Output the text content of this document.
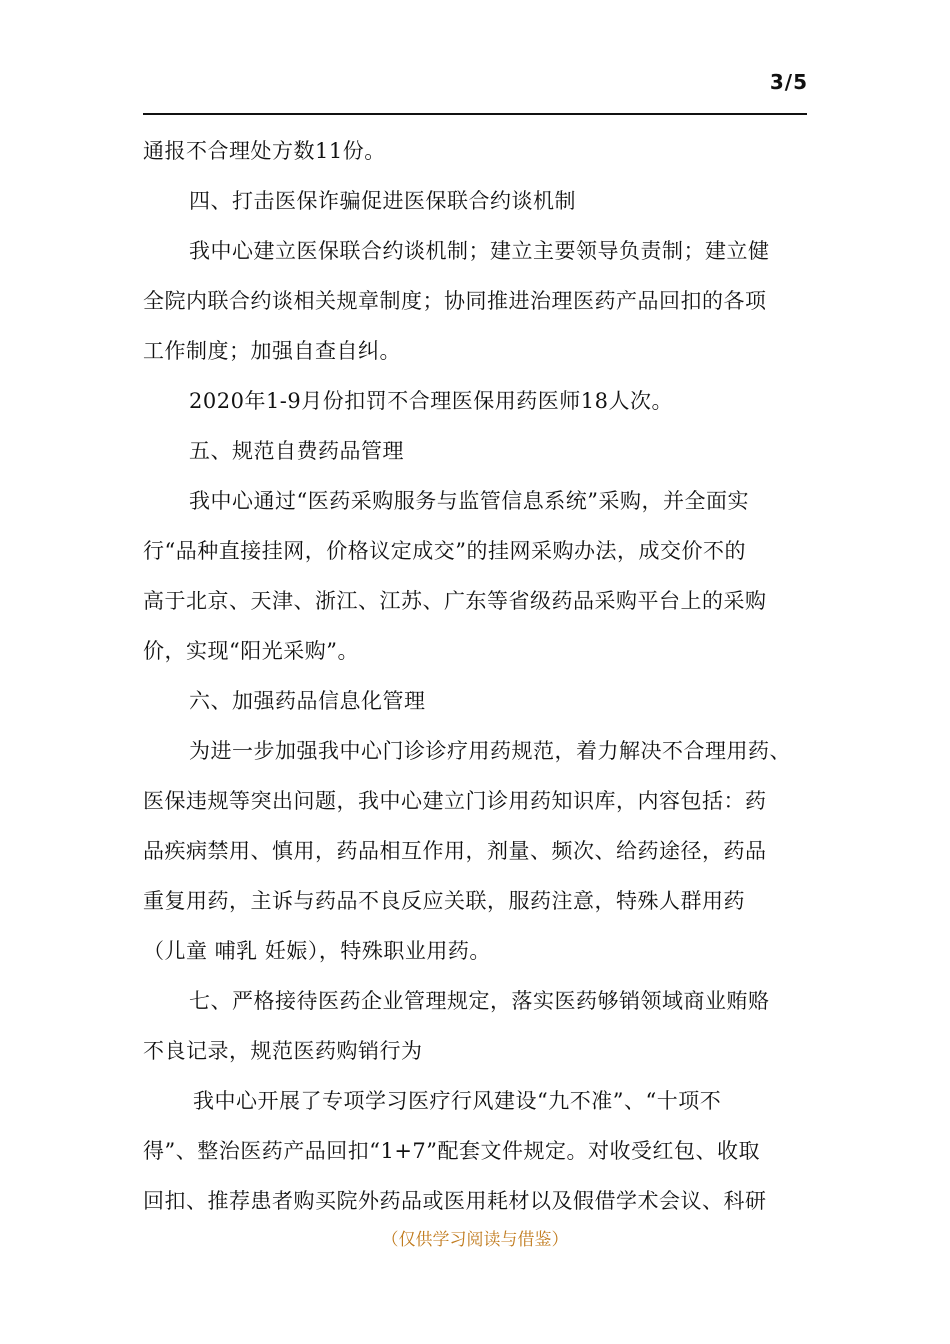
3/5
通报不合理处方数11份。
四、打击医保诈骗促进医保联合约谈机制
我中心建立医保联合约谈机制；建立主要领导负责制；建立健
全院内联合约谈相关规章制度；协同推进治理医药产品回扣的各项
工作制度；加强自查自纠。
2020年1-9月份扣罚不合理医保用药医师18人次。
五、规范自费药品管理
我中心通过“医药采购服务与监管信息系统”采购，并全面实
行“品种直接挂网，价格议定成交”的挂网采购办法，成交价不的
高于北京、天津、浙江、江苏、广东等省级药品采购平台上的采购
价，实现“阳光采购”。
六、加强药品信息化管理
为进一步加强我中心门诊诊疗用药规范，着力解决不合理用药、
医保违规等突出问题，我中心建立门诊用药知识库，内容包括：药
品疾病禁用、慎用，药品相互作用，剂量、频次、给药途径，药品
重复用药，主诉与药品不良反应关联，服药注意，特殊人群用药
（儿童 哺乳 妊娠），特殊职业用药。
七、严格接待医药企业管理规定，落实医药够销领域商业贿赂
不良记录，规范医药购销行为
我中心开展了专项学习医疗行风建设“九不准”、“十项不
得”、整治医药产品回扣“1+7”配套文件规定。对收受红包、收取
回扣、推荐患者购买院外药品或医用耗材以及假借学术会议、科研
（仅供学习阅读与借鉴）
